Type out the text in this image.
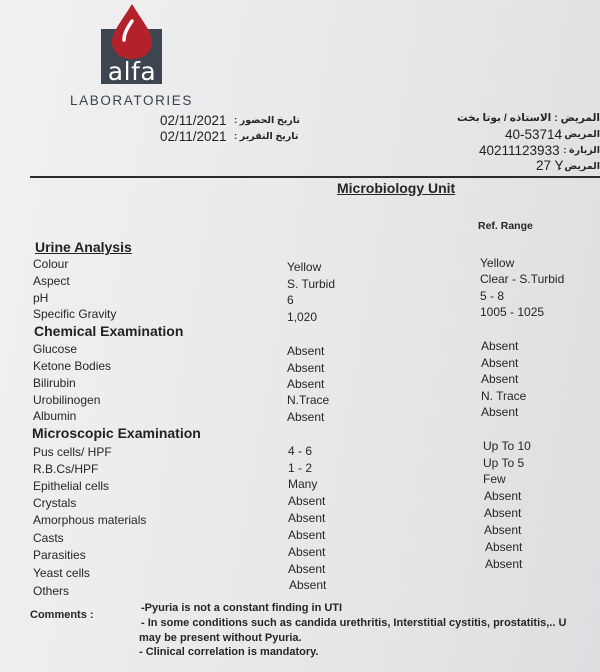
alfa
LABORATORIES
02/11/2021 تاريخ الحضور :
02/11/2021 تاريخ التقرير :
المريض : الاستاذه / بوتا بخت
المريض :
40-53714
الزيارة :
40211123933
المريض :
27 Y
Microbiology Unit
Ref. Range
Urine Analysis
Chemical Examination
Microscopic Examination
Colour	Yellow	Yellow
Aspect	S. Turbid	Clear - S.Turbid
pH	6	5 - 8
Specific Gravity	1,020	1005 - 1025
Glucose	Absent	Absent
Ketone Bodies	Absent	Absent
Bilirubin	Absent	Absent
Urobilinogen	N.Trace	N. Trace
Albumin	Absent	Absent
Pus cells/ HPF	4 - 6	Up To 10
R.B.Cs/HPF	1 - 2	Up To 5
Epithelial cells	Many	Few
Crystals	Absent	Absent
Amorphous materials	Absent	Absent
Casts	Absent	Absent
Parasities	Absent	Absent
Yeast cells	Absent	Absent
Others	Absent
Comments :
-Pyuria is not a constant finding in UTI
- In some conditions such as candida urethritis, Interstitial cystitis, prostatitis,.. U
may be present without Pyuria.
- Clinical correlation is mandatory.
